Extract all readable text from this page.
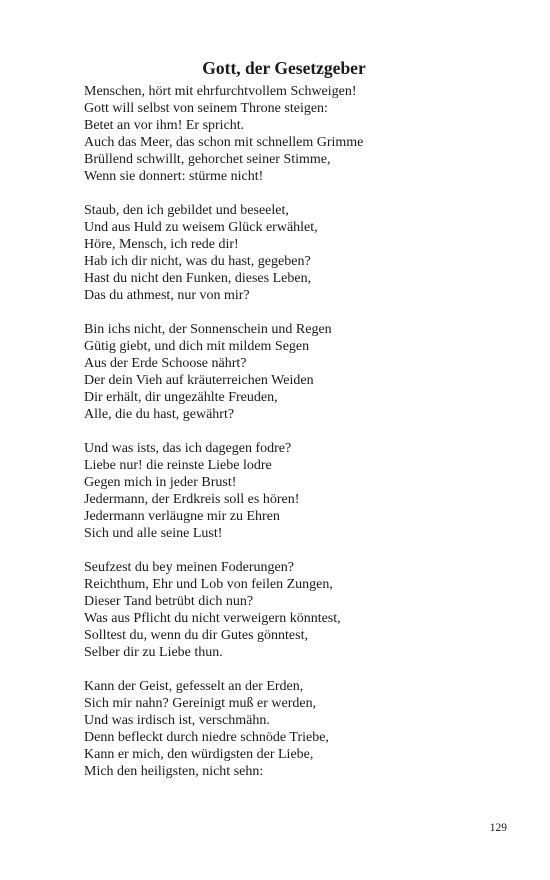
Gott, der Gesetzgeber
Menschen, hört mit ehrfurchtvollem Schweigen!
Gott will selbst von seinem Throne steigen:
Betet an vor ihm! Er spricht.
Auch das Meer, das schon mit schnellem Grimme
Brüllend schwillt, gehorchet seiner Stimme,
Wenn sie donnert: stürme nicht!
Staub, den ich gebildet und beseelet,
Und aus Huld zu weisem Glück erwählet,
Höre, Mensch, ich rede dir!
Hab ich dir nicht, was du hast, gegeben?
Hast du nicht den Funken, dieses Leben,
Das du athmest, nur von mir?
Bin ichs nicht, der Sonnenschein und Regen
Gütig giebt, und dich mit mildem Segen
Aus der Erde Schoose nährt?
Der dein Vieh auf kräuterreichen Weiden
Dir erhält, dir ungezählte Freuden,
Alle, die du hast, gewährt?
Und was ists, das ich dagegen fodre?
Liebe nur! die reinste Liebe lodre
Gegen mich in jeder Brust!
Jedermann, der Erdkreis soll es hören!
Jedermann verläugne mir zu Ehren
Sich und alle seine Lust!
Seufzest du bey meinen Foderungen?
Reichthum, Ehr und Lob von feilen Zungen,
Dieser Tand betrübt dich nun?
Was aus Pflicht du nicht verweigern könntest,
Solltest du, wenn du dir Gutes gönntest,
Selber dir zu Liebe thun.
Kann der Geist, gefesselt an der Erden,
Sich mir nahn? Gereinigt muß er werden,
Und was irdisch ist, verschmähn.
Denn befleckt durch niedre schnöde Triebe,
Kann er mich, den würdigsten der Liebe,
Mich den heiligsten, nicht sehn:
129
